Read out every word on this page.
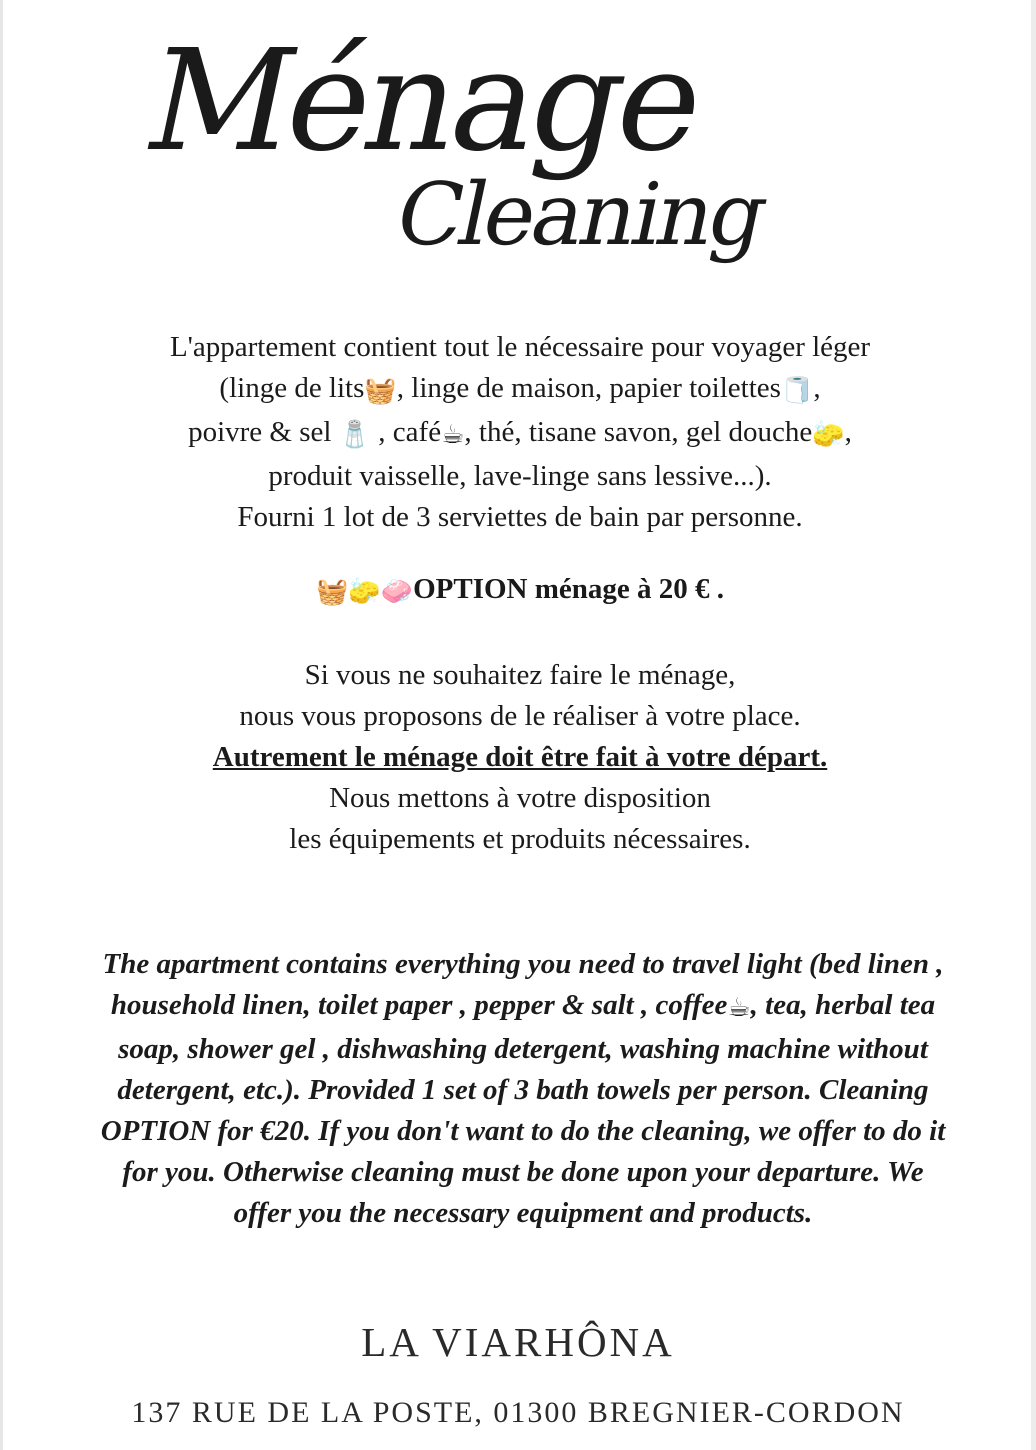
Ménage
Cleaning
L'appartement contient tout le nécessaire pour voyager léger
(linge de lits🧺, linge de maison, papier toilettes🧻,
poivre & sel 🧂 , café☕, thé, tisane savon, gel douche🧽,
produit vaisselle, lave-linge sans lessive...).
Fourni 1 lot de 3 serviettes de bain par personne.
🧺🧽🧼OPTION ménage à 20 € .
Si vous ne souhaitez faire le ménage,
nous vous proposons de le réaliser à votre place.
Autrement le ménage doit être fait à votre départ.
Nous mettons à votre disposition
les équipements et produits nécessaires.
The apartment contains everything you need to travel light (bed linen ,
household linen, toilet paper , pepper & salt , coffee☕, tea, herbal tea
soap, shower gel , dishwashing detergent, washing machine without
detergent, etc.). Provided 1 set of 3 bath towels per person. Cleaning
OPTION for €20. If you don't want to do the cleaning, we offer to do it
for you. Otherwise cleaning must be done upon your departure. We
offer you the necessary equipment and products.
LA VIARHÔNA
137 RUE DE LA POSTE, 01300 BREGNIER-CORDON
